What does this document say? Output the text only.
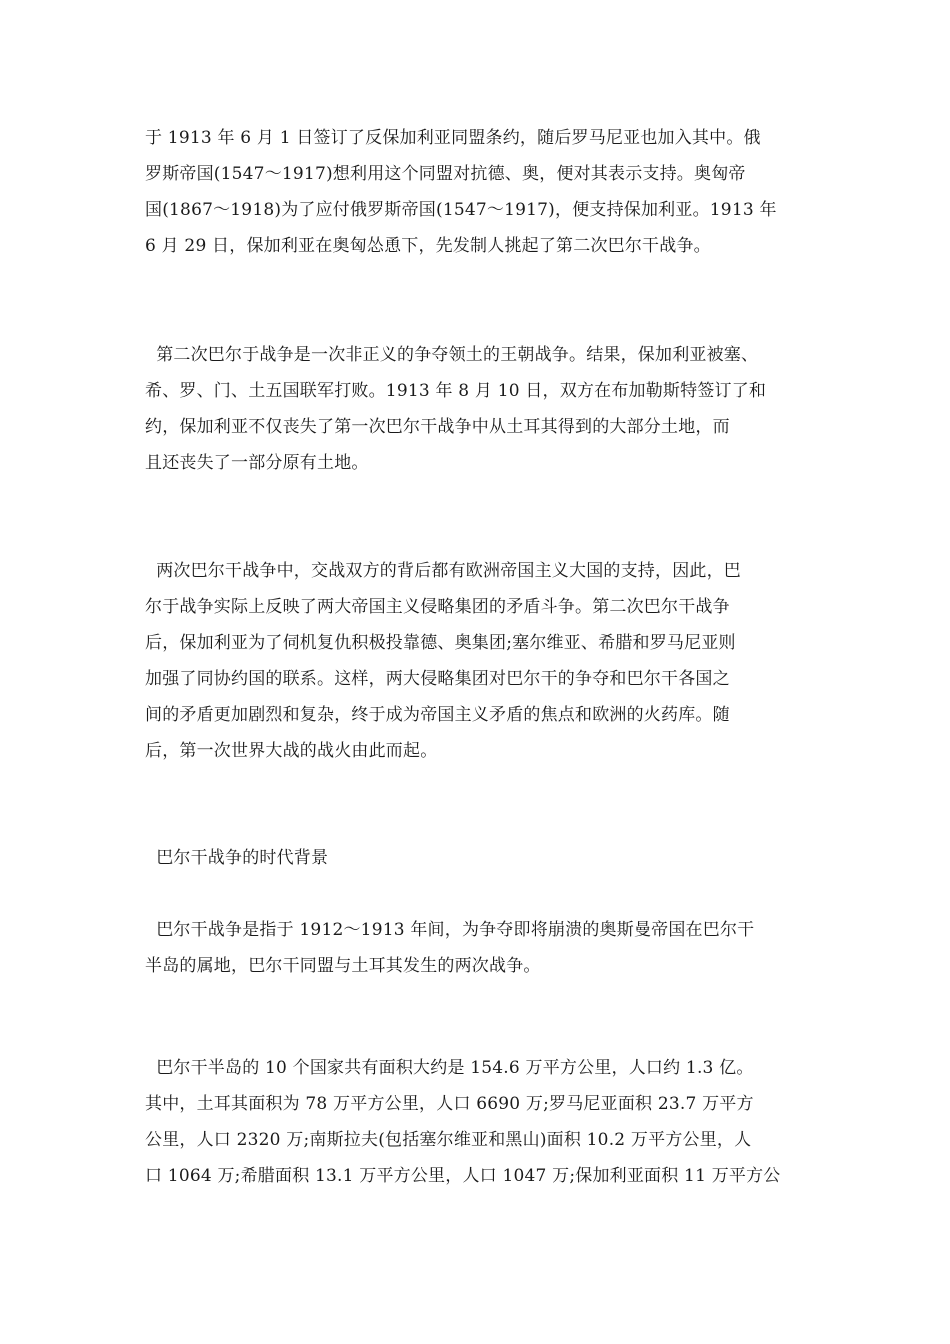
于 1913 年 6 月 1 日签订了反保加利亚同盟条约，随后罗马尼亚也加入其中。俄
罗斯帝国(1547～1917)想利用这个同盟对抗德、奥，便对其表示支持。奥匈帝
国(1867～1918)为了应付俄罗斯帝国(1547～1917)，便支持保加利亚。1913 年
6 月 29 日，保加利亚在奥匈怂恿下，先发制人挑起了第二次巴尔干战争。
第二次巴尔于战争是一次非正义的争夺领土的王朝战争。结果，保加利亚被塞、
希、罗、门、土五国联军打败。1913 年 8 月 10 日，双方在布加勒斯特签订了和
约，保加利亚不仅丧失了第一次巴尔干战争中从土耳其得到的大部分土地，而
且还丧失了一部分原有土地。
两次巴尔干战争中，交战双方的背后都有欧洲帝国主义大国的支持，因此，巴
尔于战争实际上反映了两大帝国主义侵略集团的矛盾斗争。第二次巴尔干战争
后，保加利亚为了伺机复仇积极投靠德、奥集团;塞尔维亚、希腊和罗马尼亚则
加强了同协约国的联系。这样，两大侵略集团对巴尔干的争夺和巴尔干各国之
间的矛盾更加剧烈和复杂，终于成为帝国主义矛盾的焦点和欧洲的火药库。随
后，第一次世界大战的战火由此而起。
巴尔干战争的时代背景
巴尔干战争是指于 1912～1913 年间，为争夺即将崩溃的奥斯曼帝国在巴尔干
半岛的属地，巴尔干同盟与土耳其发生的两次战争。
巴尔干半岛的 10 个国家共有面积大约是 154.6 万平方公里，人口约 1.3 亿。
其中，土耳其面积为 78 万平方公里，人口 6690 万;罗马尼亚面积 23.7 万平方
公里，人口 2320 万;南斯拉夫(包括塞尔维亚和黑山)面积 10.2 万平方公里，人
口 1064 万;希腊面积 13.1 万平方公里，人口 1047 万;保加利亚面积 11 万平方公
